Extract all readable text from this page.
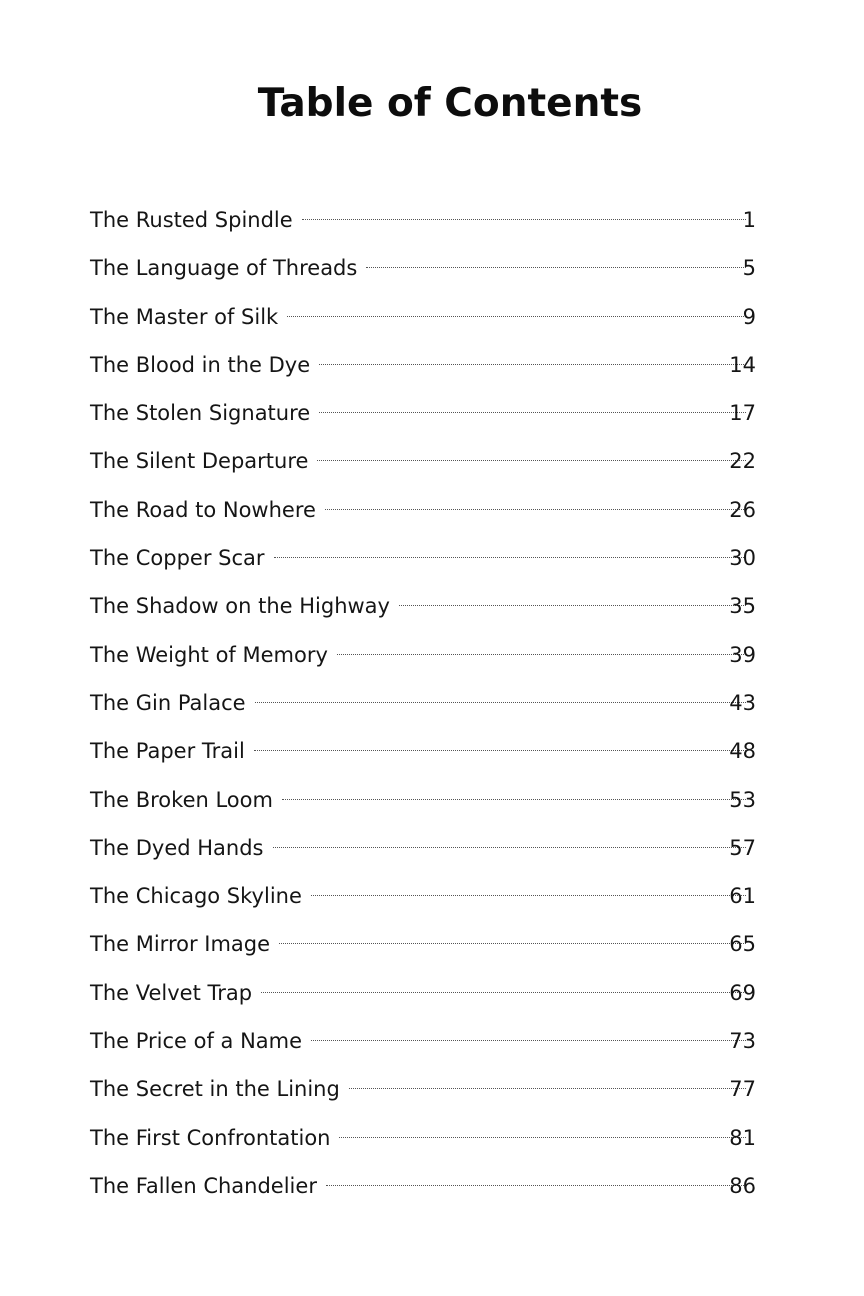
Table of Contents
The Rusted Spindle	1
The Language of Threads	5
The Master of Silk	9
The Blood in the Dye	14
The Stolen Signature	17
The Silent Departure	22
The Road to Nowhere	26
The Copper Scar	30
The Shadow on the Highway	35
The Weight of Memory	39
The Gin Palace	43
The Paper Trail	48
The Broken Loom	53
The Dyed Hands	57
The Chicago Skyline	61
The Mirror Image	65
The Velvet Trap	69
The Price of a Name	73
The Secret in the Lining	77
The First Confrontation	81
The Fallen Chandelier	86
